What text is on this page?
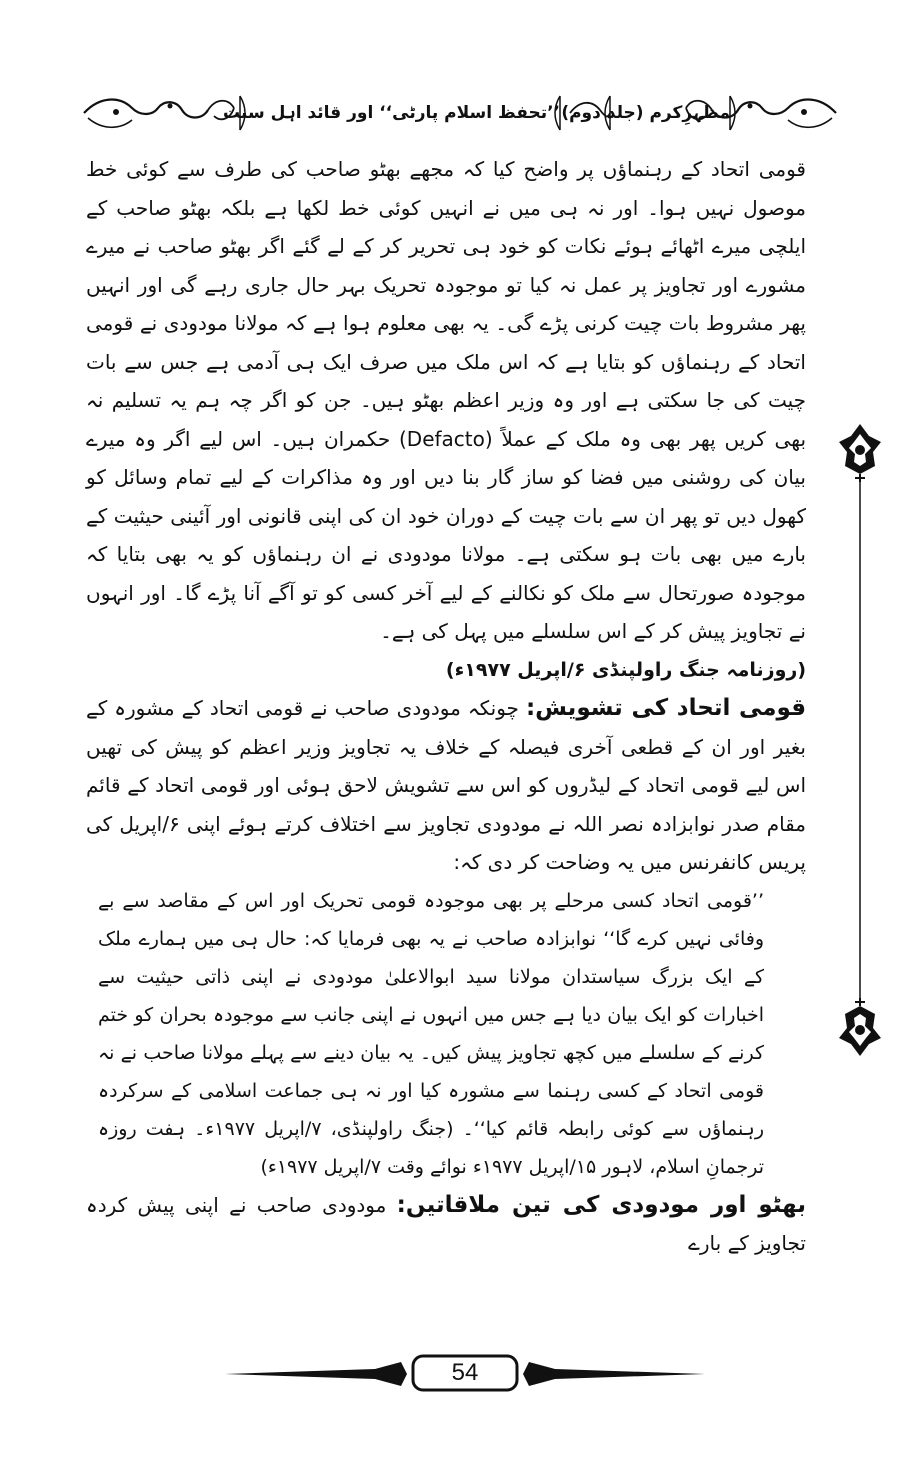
’’تحفظ اسلام پارٹی‘‘ اور قائد اہل سنت مظہرِکرم (جلد دوم)

قومی اتحاد کے رہنماؤں پر واضح کیا کہ مجھے بھٹو صاحب کی طرف سے کوئی خط موصول نہیں ہوا۔ اور نہ ہی میں نے انہیں کوئی خط لکھا ہے بلکہ بھٹو صاحب کے ایلچی میرے اٹھائے ہوئے نکات کو خود ہی تحریر کر کے لے گئے اگر بھٹو صاحب نے میرے مشورے اور تجاویز پر عمل نہ کیا تو موجودہ تحریک بہر حال جاری رہے گی اور انہیں پھر مشروط بات چیت کرنی پڑے گی۔ یہ بھی معلوم ہوا ہے کہ مولانا مودودی نے قومی اتحاد کے رہنماؤں کو بتایا ہے کہ اس ملک میں صرف ایک ہی آدمی ہے جس سے بات چیت کی جا سکتی ہے اور وہ وزیر اعظم بھٹو ہیں۔ جن کو اگر چہ ہم یہ تسلیم نہ بھی کریں پھر بھی وہ ملک کے عملاً (Defacto) حکمران ہیں۔ اس لیے اگر وہ میرے بیان کی روشنی میں فضا کو ساز گار بنا دیں اور وہ مذاکرات کے لیے تمام وسائل کو کھول دیں تو پھر ان سے بات چیت کے دوران خود ان کی اپنی قانونی اور آئینی حیثیت کے بارے میں بھی بات ہو سکتی ہے۔ مولانا مودودی نے ان رہنماؤں کو یہ بھی بتایا کہ موجودہ صورتحال سے ملک کو نکالنے کے لیے آخر کسی کو تو آگے آنا پڑے گا۔ اور انہوں نے تجاویز پیش کر کے اس سلسلے میں پہل کی ہے۔

(روزنامہ جنگ راولپنڈی ۶/اپریل ۱۹۷۷ء)

قومی اتحاد کی تشویش: چونکہ مودودی صاحب نے قومی اتحاد کے مشورہ کے بغیر اور ان کے قطعی آخری فیصلہ کے خلاف یہ تجاویز وزیر اعظم کو پیش کی تھیں اس لیے قومی اتحاد کے لیڈروں کو اس سے تشویش لاحق ہوئی اور قومی اتحاد کے قائم مقام صدر نوابزادہ نصر اللہ نے مودودی تجاویز سے اختلاف کرتے ہوئے اپنی ۶/اپریل کی پریس کانفرنس میں یہ وضاحت کر دی کہ:

’’قومی اتحاد کسی مرحلے پر بھی موجودہ قومی تحریک اور اس کے مقاصد سے بے وفائی نہیں کرے گا‘‘ نوابزادہ صاحب نے یہ بھی فرمایا کہ: حال ہی میں ہمارے ملک کے ایک بزرگ سیاستدان مولانا سید ابوالاعلیٰ مودودی نے اپنی ذاتی حیثیت سے اخبارات کو ایک بیان دیا ہے جس میں انہوں نے اپنی جانب سے موجودہ بحران کو ختم کرنے کے سلسلے میں کچھ تجاویز پیش کیں۔ یہ بیان دینے سے پہلے مولانا صاحب نے نہ قومی اتحاد کے کسی رہنما سے مشورہ کیا اور نہ ہی جماعت اسلامی کے سرکردہ رہنماؤں سے کوئی رابطہ قائم کیا‘‘۔ (جنگ راولپنڈی، ۷/اپریل ۱۹۷۷ء۔ ہفت روزہ ترجمانِ اسلام، لاہور ۱۵/اپریل ۱۹۷۷ء نوائے وقت ۷/اپریل ۱۹۷۷ء)

بھٹو اور مودودی کی تین ملاقاتیں: مودودی صاحب نے اپنی پیش کردہ تجاویز کے بارے

54
